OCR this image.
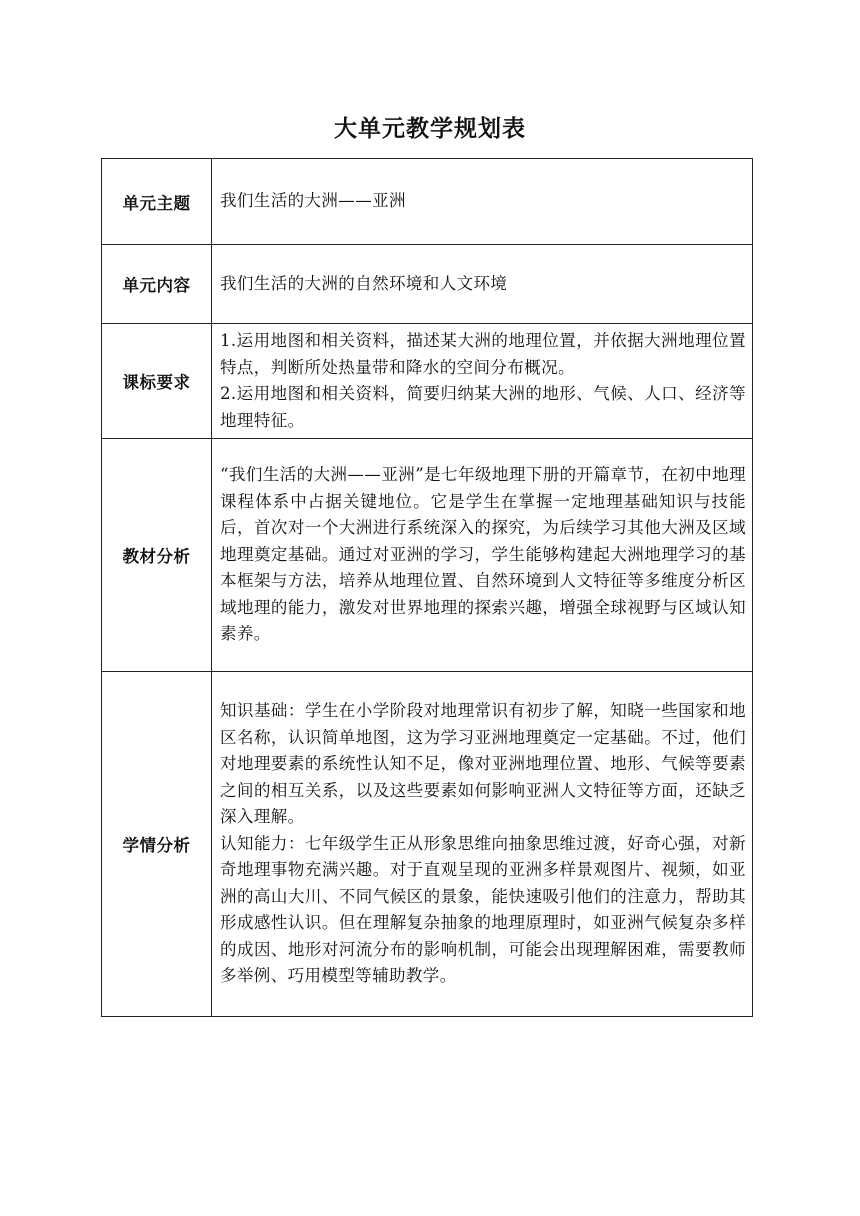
大单元教学规划表
单元主题	我们生活的大洲——亚洲

单元内容	我们生活的大洲的自然环境和人文环境

课标要求	1.运用地图和相关资料，描述某大洲的地理位置，并依据大洲地理位置特点，判断所处热量带和降水的空间分布概况。

2.运用地图和相关资料，简要归纳某大洲的地形、气候、人口、经济等地理特征。

教材分析	“我们生活的大洲——亚洲”是七年级地理下册的开篇章节，在初中地理课程体系中占据关键地位。它是学生在掌握一定地理基础知识与技能后，首次对一个大洲进行系统深入的探究，为后续学习其他大洲及区域地理奠定基础。通过对亚洲的学习，学生能够构建起大洲地理学习的基本框架与方法，培养从地理位置、自然环境到人文特征等多维度分析区域地理的能力，激发对世界地理的探索兴趣，增强全球视野与区域认知素养。

学情分析	知识基础：学生在小学阶段对地理常识有初步了解，知晓一些国家和地区名称，认识简单地图，这为学习亚洲地理奠定一定基础。不过，他们对地理要素的系统性认知不足，像对亚洲地理位置、地形、气候等要素之间的相互关系，以及这些要素如何影响亚洲人文特征等方面，还缺乏深入理解。

认知能力：七年级学生正从形象思维向抽象思维过渡，好奇心强，对新奇地理事物充满兴趣。对于直观呈现的亚洲多样景观图片、视频，如亚洲的高山大川、不同气候区的景象，能快速吸引他们的注意力，帮助其形成感性认识。但在理解复杂抽象的地理原理时，如亚洲气候复杂多样的成因、地形对河流分布的影响机制，可能会出现理解困难，需要教师多举例、巧用模型等辅助教学。
